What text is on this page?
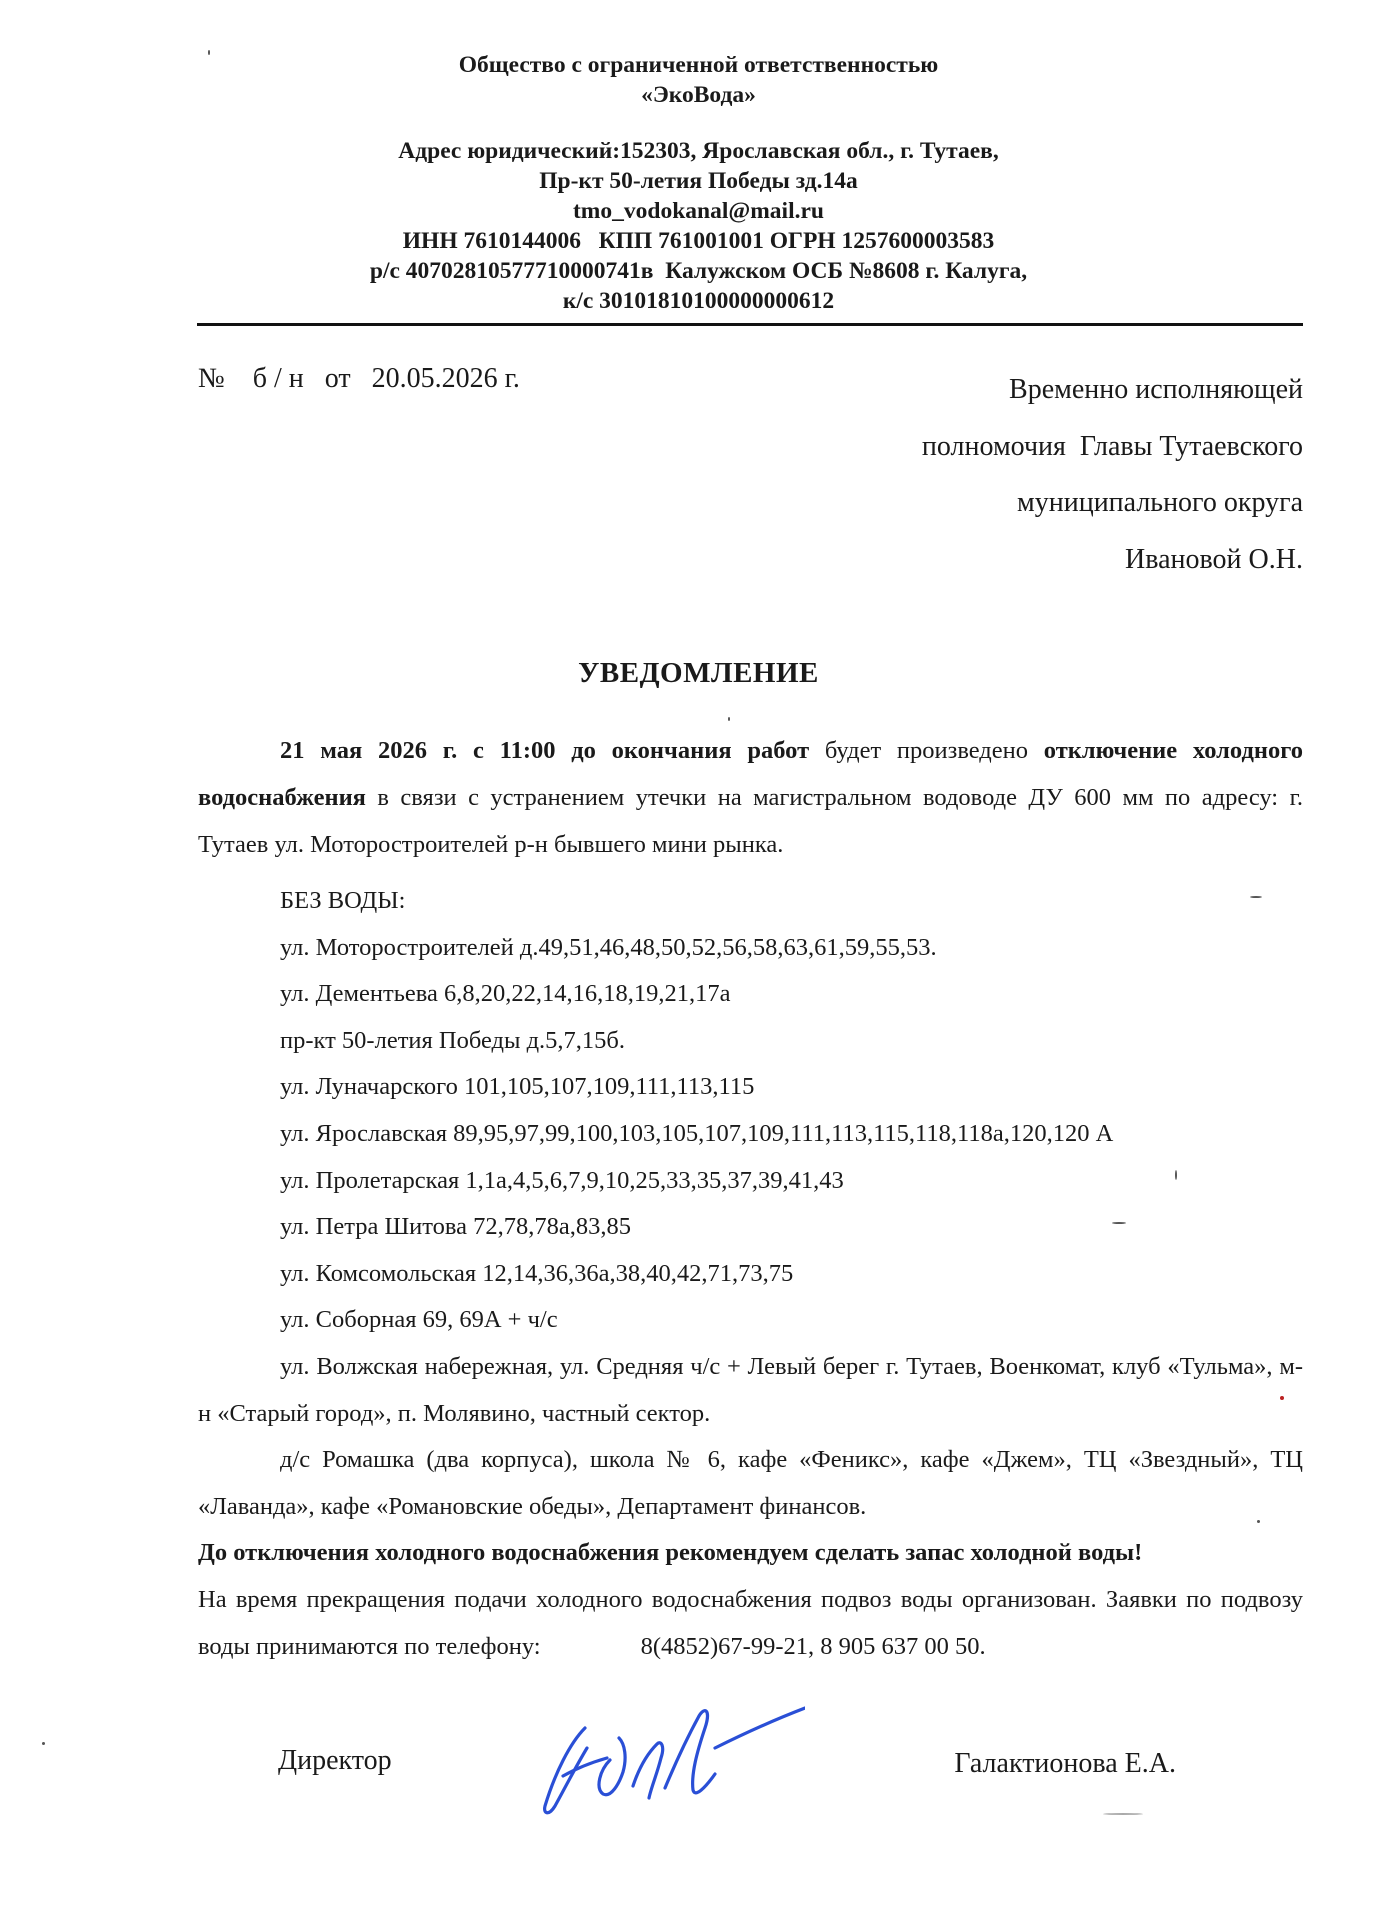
Общество с ограниченной ответственностью
«ЭкоВода»
Адрес юридический:152303, Ярославская обл., г. Тутаев,
Пр-кт 50-летия Победы зд.14а
tmo_vodokanal@mail.ru
ИНН 7610144006   КПП 761001001 ОГРН 1257600003583
р/с 40702810577710000741в  Калужском ОСБ №8608 г. Калуга,
к/с 30101810100000000612
№    б / н   от   20.05.2026 г.	Временно исполняющей
полномочия  Главы Тутаевского
муниципального округа
Ивановой О.Н.
УВЕДОМЛЕНИЕ

21 мая 2026 г. с 11:00 до окончания работ будет произведено отключение холодного водоснабжения в связи с устранением утечки на магистральном водоводе ДУ 600 мм по адресу: г. Тутаев ул. Моторостроителей р-н бывшего мини рынка.

БЕЗ ВОДЫ:
ул. Моторостроителей д.49,51,46,48,50,52,56,58,63,61,59,55,53.
ул. Дементьева 6,8,20,22,14,16,18,19,21,17а
пр-кт 50-летия Победы д.5,7,15б.
ул. Луначарского 101,105,107,109,111,113,115
ул. Ярославская 89,95,97,99,100,103,105,107,109,111,113,115,118,118а,120,120 А
ул. Пролетарская 1,1а,4,5,6,7,9,10,25,33,35,37,39,41,43
ул. Петра Шитова 72,78,78а,83,85
ул. Комсомольская 12,14,36,36а,38,40,42,71,73,75
ул. Соборная 69, 69А + ч/с
ул. Волжская набережная, ул. Средняя ч/с + Левый берег г. Тутаев, Военкомат, клуб «Тульма», м-н «Старый город», п. Молявино, частный сектор.
д/с Ромашка (два корпуса), школа № 6, кафе «Феникс», кафе «Джем», ТЦ «Звездный», ТЦ «Лаванда», кафе «Романовские обеды», Департамент финансов.
До отключения холодного водоснабжения рекомендуем сделать запас холодной воды!
На время прекращения подачи холодного водоснабжения подвоз воды организован. Заявки по подвозу воды принимаются по телефону:	8(4852)67-99-21, 8 905 637 00 50.
Директор	Галактионова Е.А.
